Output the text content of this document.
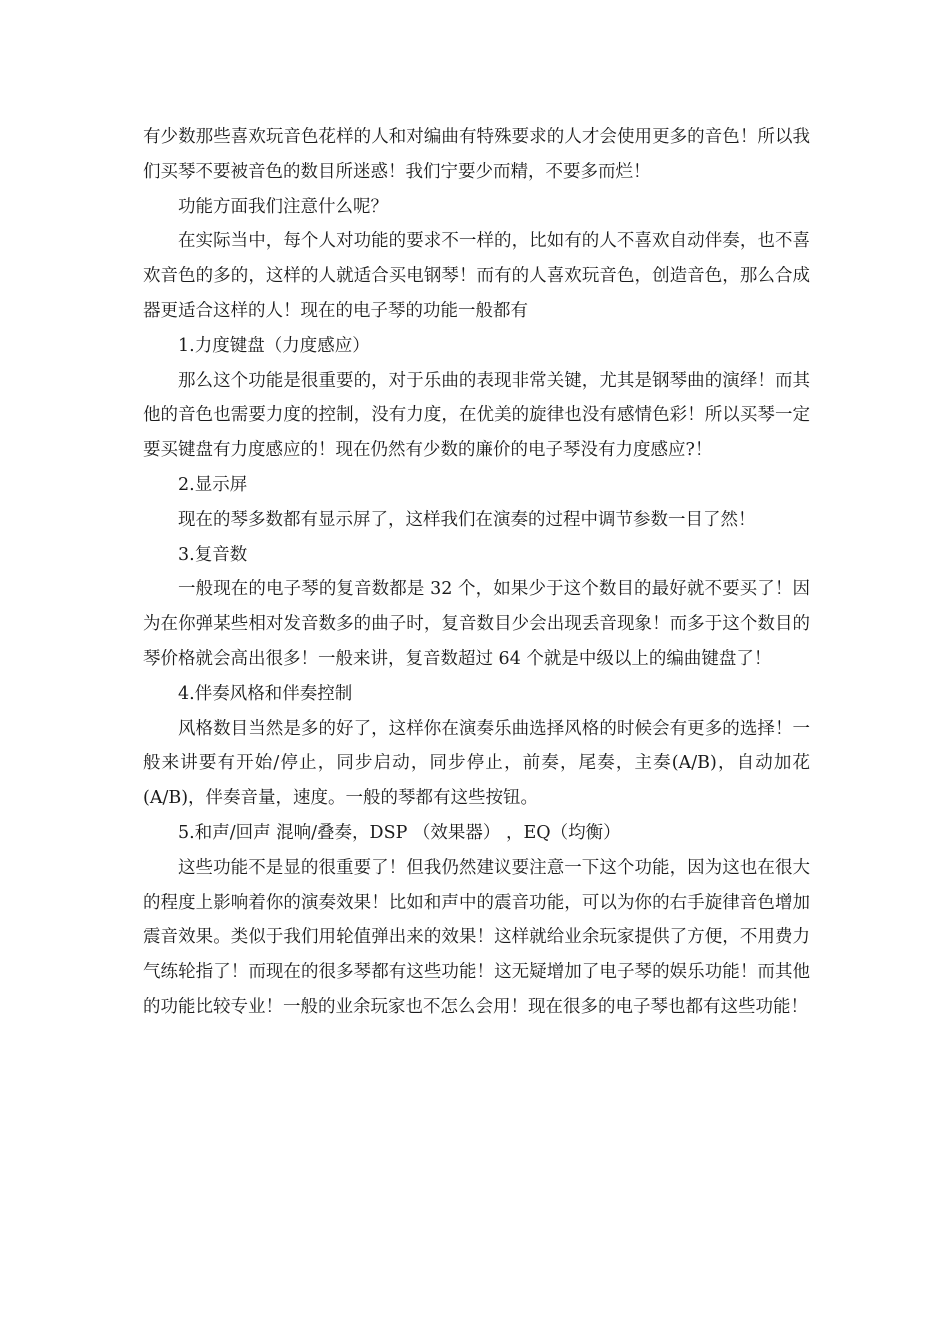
有少数那些喜欢玩音色花样的人和对编曲有特殊要求的人才会使用更多的音色！所以我们买琴不要被音色的数目所迷惑！我们宁要少而精，不要多而烂！

功能方面我们注意什么呢？

在实际当中，每个人对功能的要求不一样的，比如有的人不喜欢自动伴奏，也不喜欢音色的多的，这样的人就适合买电钢琴！而有的人喜欢玩音色，创造音色，那么合成器更适合这样的人！现在的电子琴的功能一般都有

1.力度键盘（力度感应）

那么这个功能是很重要的，对于乐曲的表现非常关键，尤其是钢琴曲的演绎！而其他的音色也需要力度的控制，没有力度，在优美的旋律也没有感情色彩！所以买琴一定要买键盘有力度感应的！现在仍然有少数的廉价的电子琴没有力度感应?！

2.显示屏

现在的琴多数都有显示屏了，这样我们在演奏的过程中调节参数一目了然！

3.复音数

一般现在的电子琴的复音数都是 32 个，如果少于这个数目的最好就不要买了！因为在你弹某些相对发音数多的曲子时，复音数目少会出现丢音现象！而多于这个数目的琴价格就会高出很多！一般来讲，复音数超过 64 个就是中级以上的编曲键盘了！

4.伴奏风格和伴奏控制

风格数目当然是多的好了，这样你在演奏乐曲选择风格的时候会有更多的选择！一般来讲要有开始/停止，同步启动，同步停止，前奏，尾奏，主奏(A/B)，自动加花(A/B)，伴奏音量，速度。一般的琴都有这些按钮。

5.和声/回声 混响/叠奏，DSP （效果器） ，EQ（均衡）

这些功能不是显的很重要了！但我仍然建议要注意一下这个功能，因为这也在很大的程度上影响着你的演奏效果！比如和声中的震音功能，可以为你的右手旋律音色增加震音效果。类似于我们用轮值弹出来的效果！这样就给业余玩家提供了方便，不用费力气练轮指了！而现在的很多琴都有这些功能！这无疑增加了电子琴的娱乐功能！而其他的功能比较专业！一般的业余玩家也不怎么会用！现在很多的电子琴也都有这些功能！
